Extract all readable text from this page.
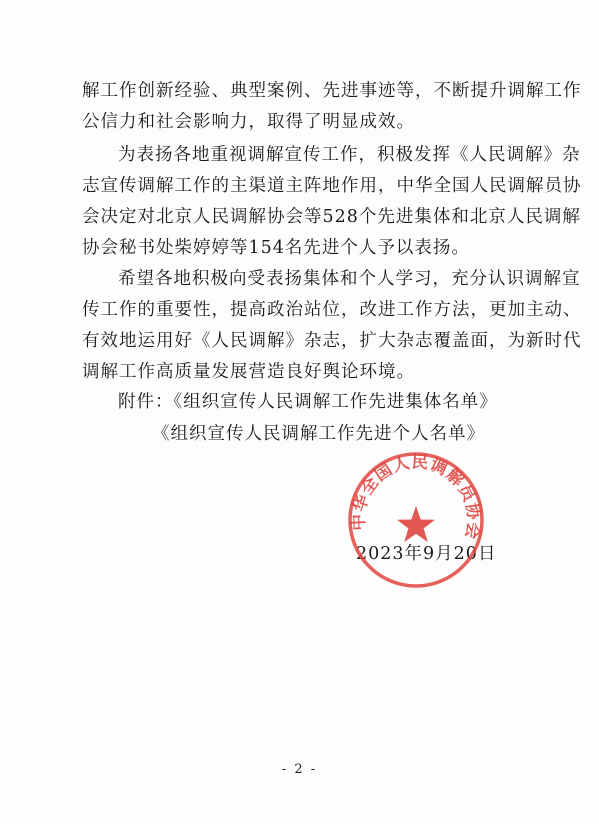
解工作创新经验、典型案例、先进事迹等，不断提升调解工作
公信力和社会影响力，取得了明显成效。
为表扬各地重视调解宣传工作，积极发挥《人民调解》杂
志宣传调解工作的主渠道主阵地作用，中华全国人民调解员协
会决定对北京人民调解协会等528个先进集体和北京人民调解
协会秘书处柴婷婷等154名先进个人予以表扬。
希望各地积极向受表扬集体和个人学习，充分认识调解宣
传工作的重要性，提高政治站位，改进工作方法，更加主动、
有效地运用好《人民调解》杂志，扩大杂志覆盖面，为新时代
调解工作高质量发展营造良好舆论环境。
附件：《组织宣传人民调解工作先进集体名单》
《组织宣传人民调解工作先进个人名单》
2023年9月20日
中华全国人民调解员协会
- 2 -
